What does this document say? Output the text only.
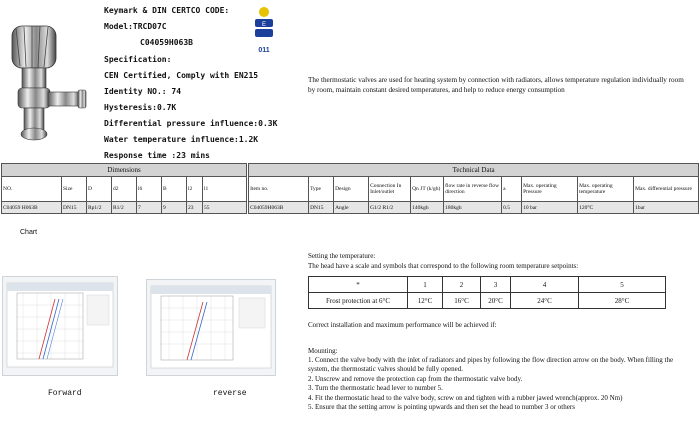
Keymark & DIN CERTCO CODE:
Model:TRCD07C
C04059H063B
Specification:
CEN Certified, Comply with EN215
Identity NO.: 74
Hysteresis:0.7K
Differential pressure influence:0.3K
Water temperature influence:1.2K
Response time :23 mins
E
011
The thermostatic valves are used for heating system by connection with radiators, allows temperature regulation individually room by room, maintain constant desired temperatures, and help to reduce energy consumption
Dimensions									Technical Data									
NO.	Size	D	d2	l6	B	l2	l1		Item no.	Type	Design	Connection In Inlet/outlet	Qn JT (k/gh)	flow rate in reverse flow direction	a	Max. operating Pressure	Max. operating temperature	Max. differential pressure
C04059 H063B	DN15	Rp1/2	R1/2	7	9	23	55		C04059H063B	DN15	Angle	G1/2 R1/2	140kgh	180kgh	0.5	10 bar	120°C	1bar
Chart
Forward	reverse
Setting the temperature:
The head have a scale and symbols that correspond to the following room temperature setpoints:
*	1	2	3	4	5
Frost protection at 6°C	12°C	16°C	20°C	24°C	28°C
Correct installation and maximum performance will be achieved if:
Mounting:
1. Connect the valve body with the inlet of radiators and pipes by following the flow direction arrow on the body. When filling the system, the thermostatic valves should be fully opened.
2. Unscrew and remove the protection cap from the thermostatic valve body.
3. Turn the thermostatic head lever to number 5.
4. Fit the thermostatic head to the valve body, screw on and tighten with a rubber jawed wrench(approx. 20 Nm)
5. Ensure that the setting arrow is pointing upwards and then set the head to number 3 or others
